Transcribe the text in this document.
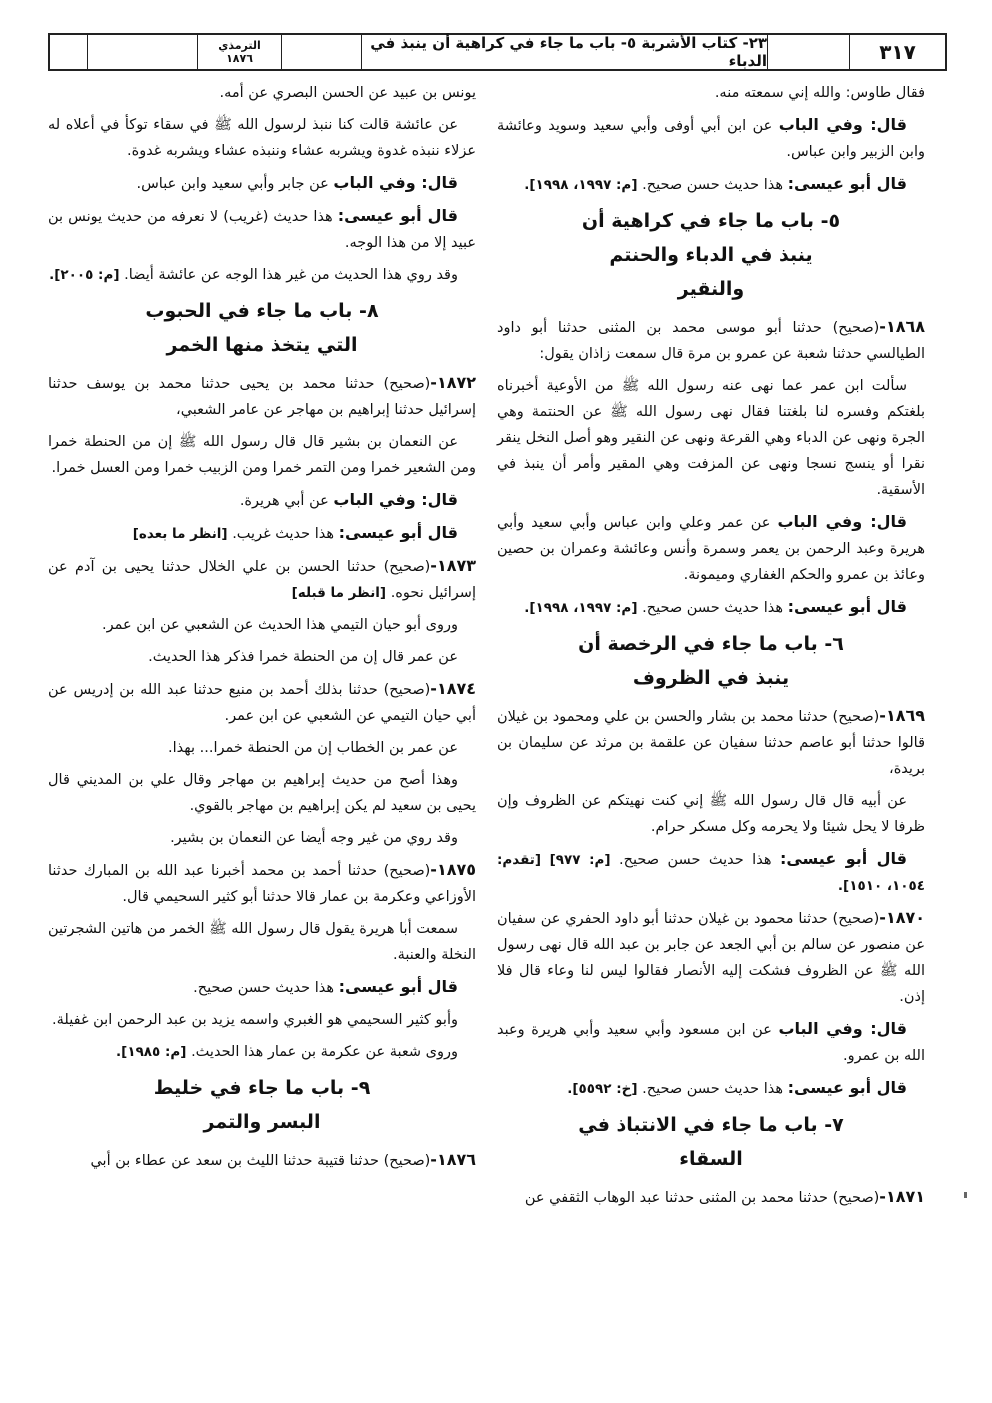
٣١٧
٢٣- كتاب الأشربة ٥- باب ما جاء في كراهية أن ينبذ في الدباء
الترمذي
١٨٧٦

فقال طاوس: والله إني سمعته منه.

قال: وفي الباب عن ابن أبي أوفى وأبي سعيد وسويد وعائشة وابن الزبير وابن عباس.

قال أبو عيسى: هذا حديث حسن صحيح. [م: ١٩٩٧، ١٩٩٨].

٥- باب ما جاء في كراهية أن
ينبذ في الدباء والحنتم
والنقير

١٨٦٨-(صحيح) حدثنا أبو موسى محمد بن المثنى حدثنا أبو داود الطيالسي حدثنا شعبة عن عمرو بن مرة قال سمعت زاذان يقول:

سألت ابن عمر عما نهى عنه رسول الله ﷺ من الأوعية أخبرناه بلغتكم وفسره لنا بلغتنا فقال نهى رسول الله ﷺ عن الحنتمة وهي الجرة ونهى عن الدباء وهي القرعة ونهى عن النقير وهو أصل النخل ينقر نقرا أو ينسج نسجا ونهى عن المزفت وهي المقير وأمر أن ينبذ في الأسقية.

قال: وفي الباب عن عمر وعلي وابن عباس وأبي سعيد وأبي هريرة وعبد الرحمن بن يعمر وسمرة وأنس وعائشة وعمران بن حصين وعائذ بن عمرو والحكم الغفاري وميمونة.

قال أبو عيسى: هذا حديث حسن صحيح. [م: ١٩٩٧، ١٩٩٨].

٦- باب ما جاء في الرخصة أن
ينبذ في الظروف

١٨٦٩-(صحيح) حدثنا محمد بن بشار والحسن بن علي ومحمود بن غيلان قالوا حدثنا أبو عاصم حدثنا سفيان عن علقمة بن مرثد عن سليمان بن بريدة،

عن أبيه قال قال رسول الله ﷺ إني كنت نهيتكم عن الظروف وإن ظرفا لا يحل شيئا ولا يحرمه وكل مسكر حرام.

قال أبو عيسى: هذا حديث حسن صحيح. [م: ٩٧٧] [تقدم: ١٠٥٤، ١٥١٠].

١٨٧٠-(صحيح) حدثنا محمود بن غيلان حدثنا أبو داود الحفري عن سفيان عن منصور عن سالم بن أبي الجعد عن جابر بن عبد الله قال نهى رسول الله ﷺ عن الظروف فشكت إليه الأنصار فقالوا ليس لنا وعاء قال فلا إذن.

قال: وفي الباب عن ابن مسعود وأبي سعيد وأبي هريرة وعبد الله بن عمرو.

قال أبو عيسى: هذا حديث حسن صحيح. [خ: ٥٥٩٢].

٧- باب ما جاء في الانتباذ في
السقاء

١٨٧١-(صحيح) حدثنا محمد بن المثنى حدثنا عبد الوهاب الثقفي عن

يونس بن عبيد عن الحسن البصري عن أمه.

عن عائشة قالت كنا ننبذ لرسول الله ﷺ في سقاء توكأ في أعلاه له عزلاء ننبذه غدوة ويشربه عشاء وننبذه عشاء ويشربه غدوة.

قال: وفي الباب عن جابر وأبي سعيد وابن عباس.

قال أبو عيسى: هذا حديث (غريب) لا نعرفه من حديث يونس بن عبيد إلا من هذا الوجه.

وقد روي هذا الحديث من غير هذا الوجه عن عائشة أيضا. [م: ٢٠٠٥].

٨- باب ما جاء في الحبوب
التي يتخذ منها الخمر

١٨٧٢-(صحيح) حدثنا محمد بن يحيى حدثنا محمد بن يوسف حدثنا إسرائيل حدثنا إبراهيم بن مهاجر عن عامر الشعبي،

عن النعمان بن بشير قال قال رسول الله ﷺ إن من الحنطة خمرا ومن الشعير خمرا ومن التمر خمرا ومن الزبيب خمرا ومن العسل خمرا.

قال: وفي الباب عن أبي هريرة.

قال أبو عيسى: هذا حديث غريب. [انظر ما بعده]

١٨٧٣-(صحيح) حدثنا الحسن بن علي الخلال حدثنا يحيى بن آدم عن إسرائيل نحوه. [انظر ما قبله]

وروى أبو حيان التيمي هذا الحديث عن الشعبي عن ابن عمر.

عن عمر قال إن من الحنطة خمرا فذكر هذا الحديث.

١٨٧٤-(صحيح) حدثنا بذلك أحمد بن منيع حدثنا عبد الله بن إدريس عن أبي حيان التيمي عن الشعبي عن ابن عمر.

عن عمر بن الخطاب إن من الحنطة خمرا... بهذا.

وهذا أصح من حديث إبراهيم بن مهاجر وقال علي بن المديني قال يحيى بن سعيد لم يكن إبراهيم بن مهاجر بالقوي.

وقد روي من غير وجه أيضا عن النعمان بن بشير.

١٨٧٥-(صحيح) حدثنا أحمد بن محمد أخبرنا عبد الله بن المبارك حدثنا الأوزاعي وعكرمة بن عمار قالا حدثنا أبو كثير السحيمي قال.

سمعت أبا هريرة يقول قال رسول الله ﷺ الخمر من هاتين الشجرتين النخلة والعنبة.

قال أبو عيسى: هذا حديث حسن صحيح.

وأبو كثير السحيمي هو الغبري واسمه يزيد بن عبد الرحمن ابن غفيلة.

وروى شعبة عن عكرمة بن عمار هذا الحديث. [م: ١٩٨٥].

٩- باب ما جاء في خليط
البسر والتمر

١٨٧٦-(صحيح) حدثنا قتيبة حدثنا الليث بن سعد عن عطاء بن أبي
